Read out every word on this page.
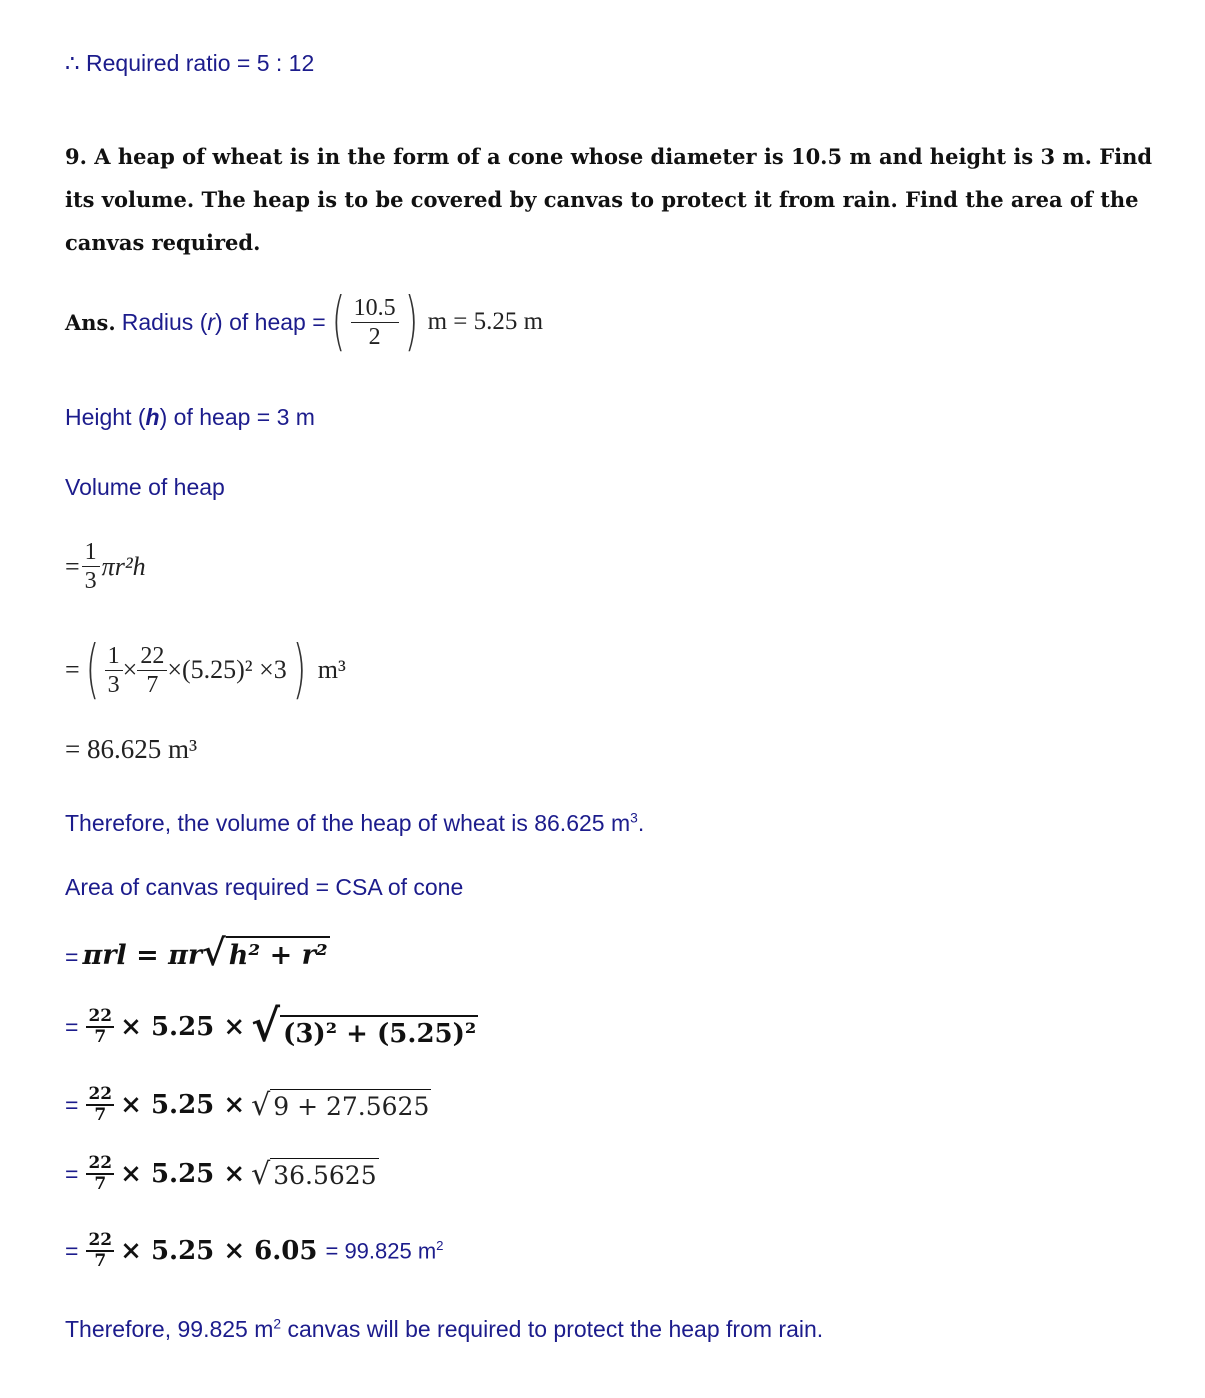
∴ Required ratio = 5 : 12
9. A heap of wheat is in the form of a cone whose diameter is 10.5 m and height is 3 m. Find its volume. The heap is to be covered by canvas to protect it from rain. Find the area of the canvas required.
Ans. Radius ( r ) of heap = ( $\frac{10.5}{2}$ ) m = 5.25 m
Height (h) of heap = 3 m
Volume of heap
= $\frac{1}{3} \pi r^2h$
= ( $\frac{1}{3} \times \frac{22}{7} \times(5.25)^2 \times 3$ ) m³
= 86.625 m³
Therefore, the volume of the heap of wheat is 86.625 $m^3$.
Area of canvas required = CSA of cone
= πrl = πr √ h² + r²
= $\frac{22}{7} \times 5.25$ × √ (3)² + (5.25)²
= $\frac{22}{7} \times 5.25$ × √ 9 + 27.5625
= $\frac{22}{7} \times 5.25$ × √ 36.5625
= $\frac{22}{7} \times 5.25 \times 6.05 = 99.825$ $m^2$
Therefore, 99.825 $m^2$ canvas will be required to protect the heap from rain.
